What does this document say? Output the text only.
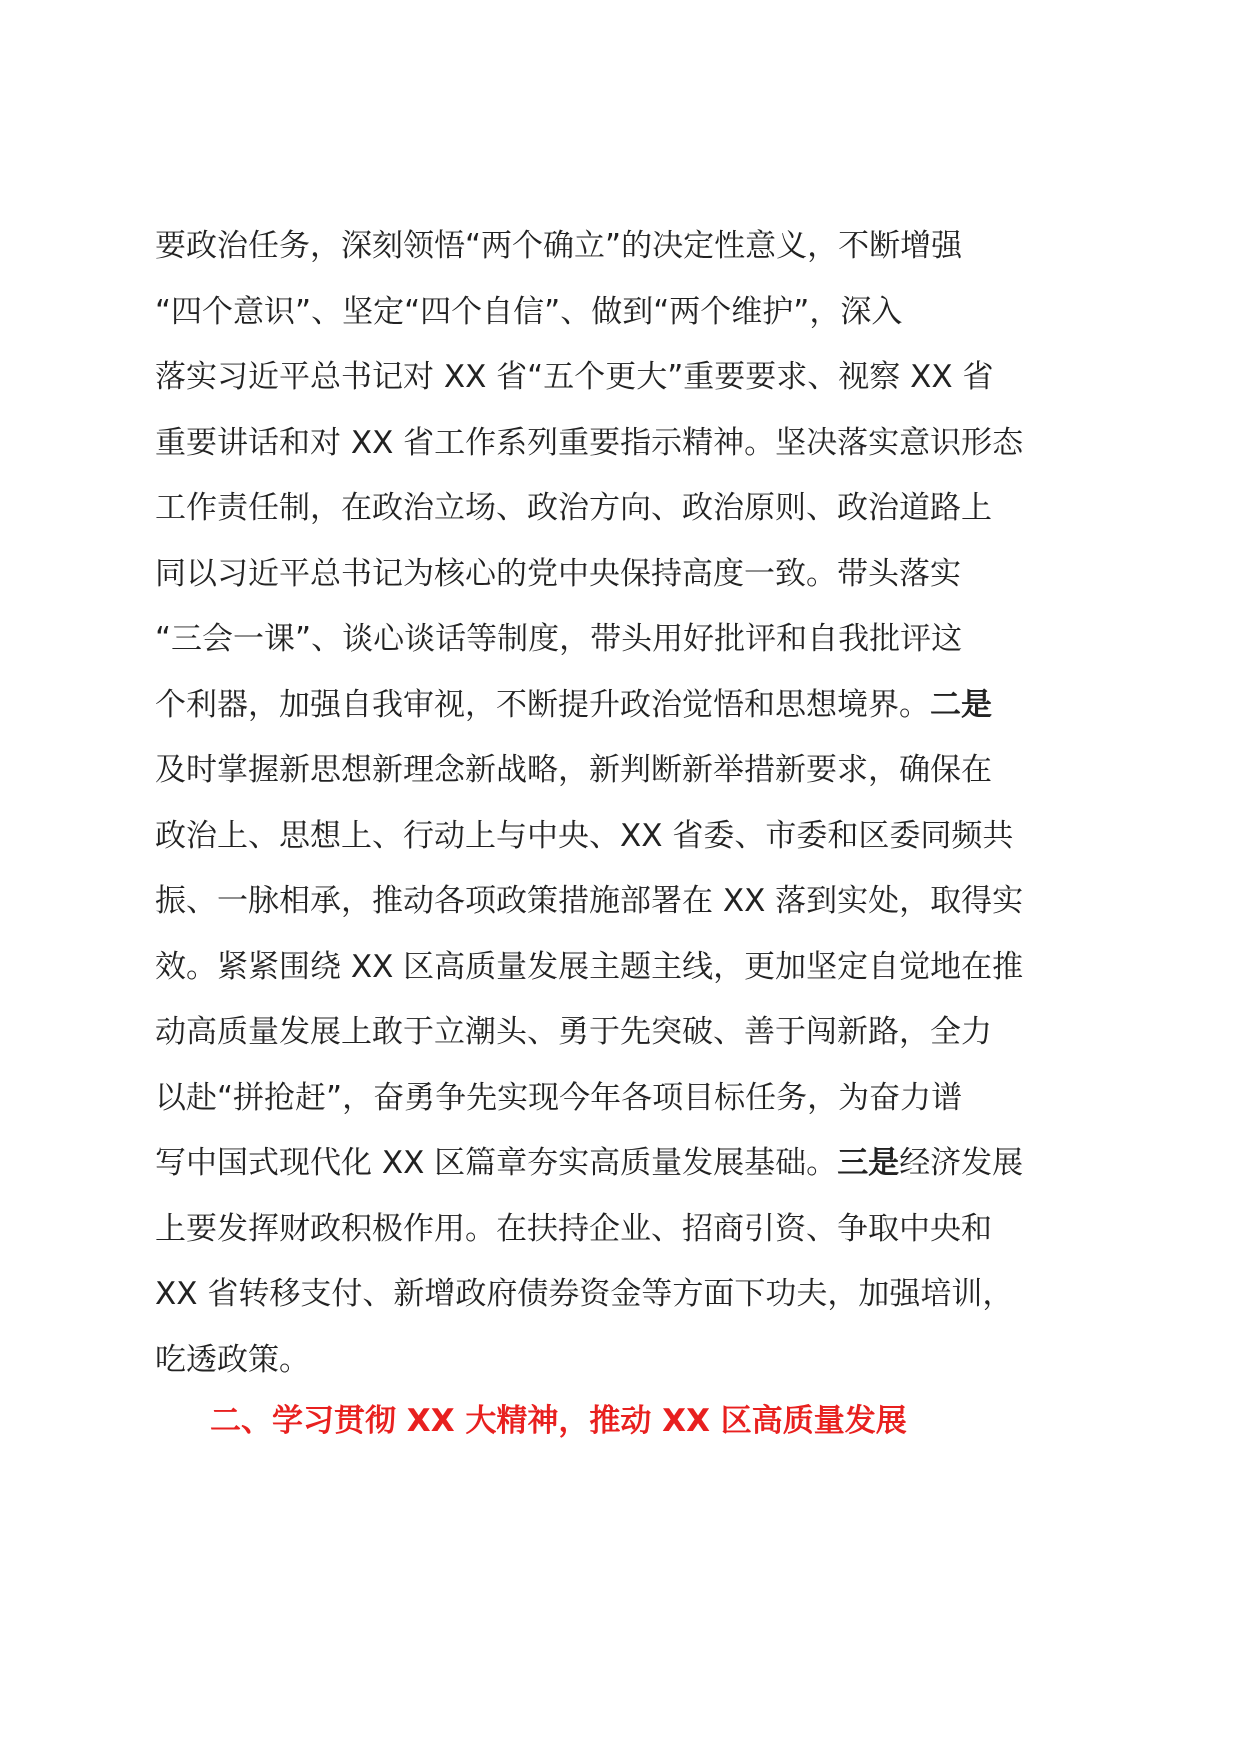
要政治任务，深刻领悟“两个确立”的决定性意义，不断增强
“四个意识”、坚定“四个自信”、做到“两个维护”，深入
落实习近平总书记对 XX 省“五个更大”重要要求、视察 XX 省
重要讲话和对 XX 省工作系列重要指示精神。坚决落实意识形态
工作责任制，在政治立场、政治方向、政治原则、政治道路上
同以习近平总书记为核心的党中央保持高度一致。带头落实
“三会一课”、谈心谈话等制度，带头用好批评和自我批评这
个利器，加强自我审视，不断提升政治觉悟和思想境界。二是
及时掌握新思想新理念新战略，新判断新举措新要求，确保在
政治上、思想上、行动上与中央、XX 省委、市委和区委同频共
振、一脉相承，推动各项政策措施部署在 XX 落到实处，取得实
效。紧紧围绕 XX 区高质量发展主题主线，更加坚定自觉地在推
动高质量发展上敢于立潮头、勇于先突破、善于闯新路，全力
以赴“拼抢赶”，奋勇争先实现今年各项目标任务，为奋力谱
写中国式现代化 XX 区篇章夯实高质量发展基础。三是经济发展
上要发挥财政积极作用。在扶持企业、招商引资、争取中央和
XX 省转移支付、新增政府债券资金等方面下功夫，加强培训，
吃透政策。
二、学习贯彻 XX 大精神，推动 XX 区高质量发展
